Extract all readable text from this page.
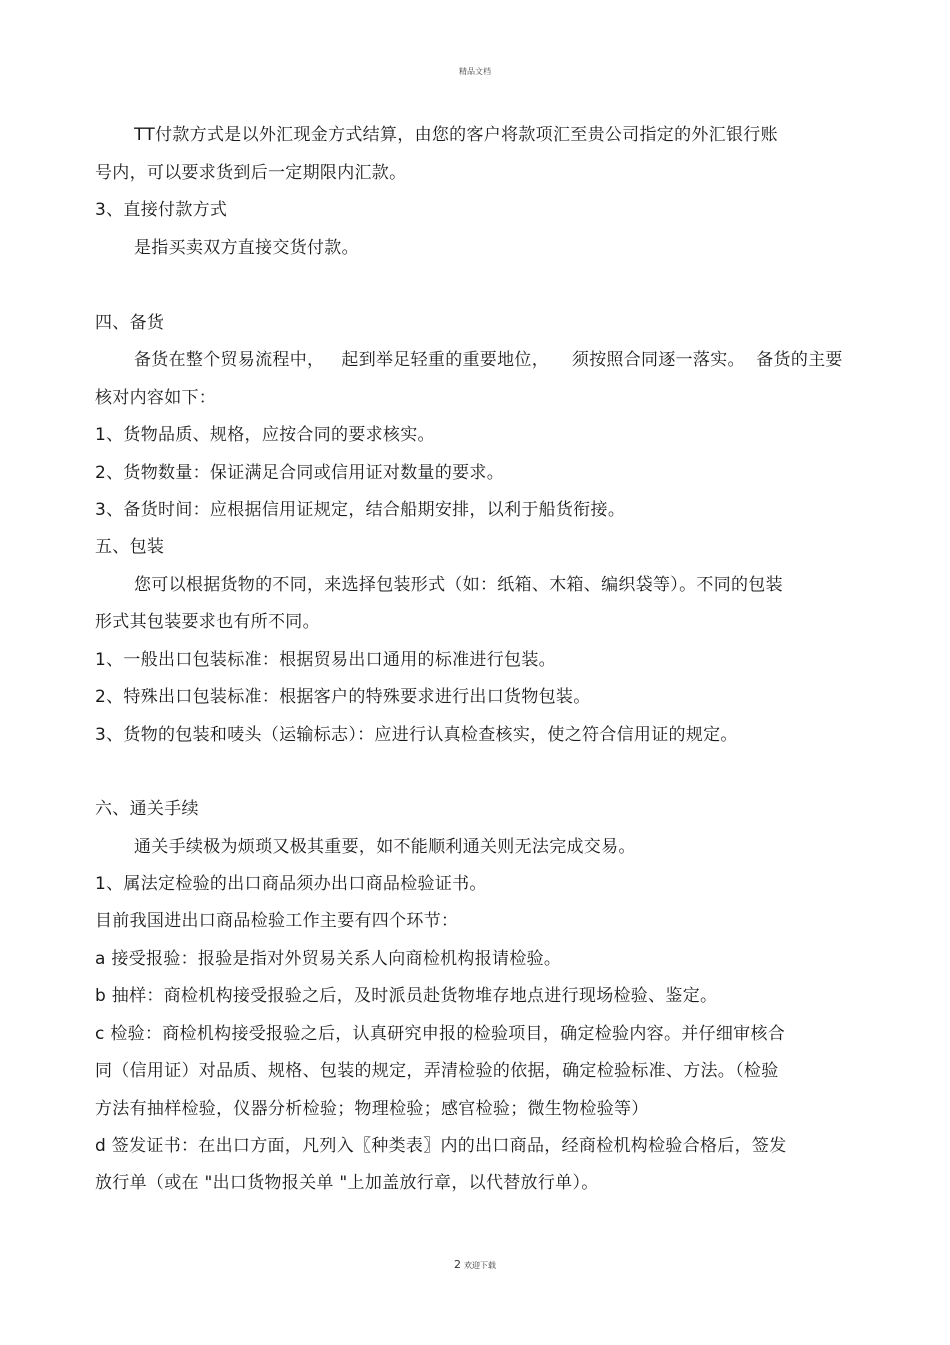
精品文档
TT付款方式是以外汇现金方式结算，由您的客户将款项汇至贵公司指定的外汇银行账
号内，可以要求货到后一定期限内汇款。
3、直接付款方式
是指买卖双方直接交货付款。
四、备货
备货在整个贸易流程中，   起到举足轻重的重要地位，    须按照合同逐一落实。  备货的主要
核对内容如下：
1、货物品质、规格，应按合同的要求核实。
2、货物数量：保证满足合同或信用证对数量的要求。
3、备货时间：应根据信用证规定，结合船期安排，以利于船货衔接。
五、包装
您可以根据货物的不同，来选择包装形式（如：纸箱、木箱、编织袋等）。不同的包装
形式其包装要求也有所不同。
1、一般出口包装标准：根据贸易出口通用的标准进行包装。
2、特殊出口包装标准：根据客户的特殊要求进行出口货物包装。
3、货物的包装和唛头（运输标志）：应进行认真检查核实，使之符合信用证的规定。
六、通关手续
通关手续极为烦琐又极其重要，如不能顺利通关则无法完成交易。
1、属法定检验的出口商品须办出口商品检验证书。
目前我国进出口商品检验工作主要有四个环节：
a 接受报验：报验是指对外贸易关系人向商检机构报请检验。
b 抽样：商检机构接受报验之后，及时派员赴货物堆存地点进行现场检验、鉴定。
c 检验：商检机构接受报验之后，认真研究申报的检验项目，确定检验内容。并仔细审核合
同（信用证）对品质、规格、包装的规定，弄清检验的依据，确定检验标准、方法。（检验
方法有抽样检验，仪器分析检验；物理检验；感官检验；微生物检验等）
d 签发证书：在出口方面，凡列入〖种类表〗内的出口商品，经商检机构检验合格后，签发
放行单（或在 "出口货物报关单 "上加盖放行章，以代替放行单）。
2 欢迎下载
